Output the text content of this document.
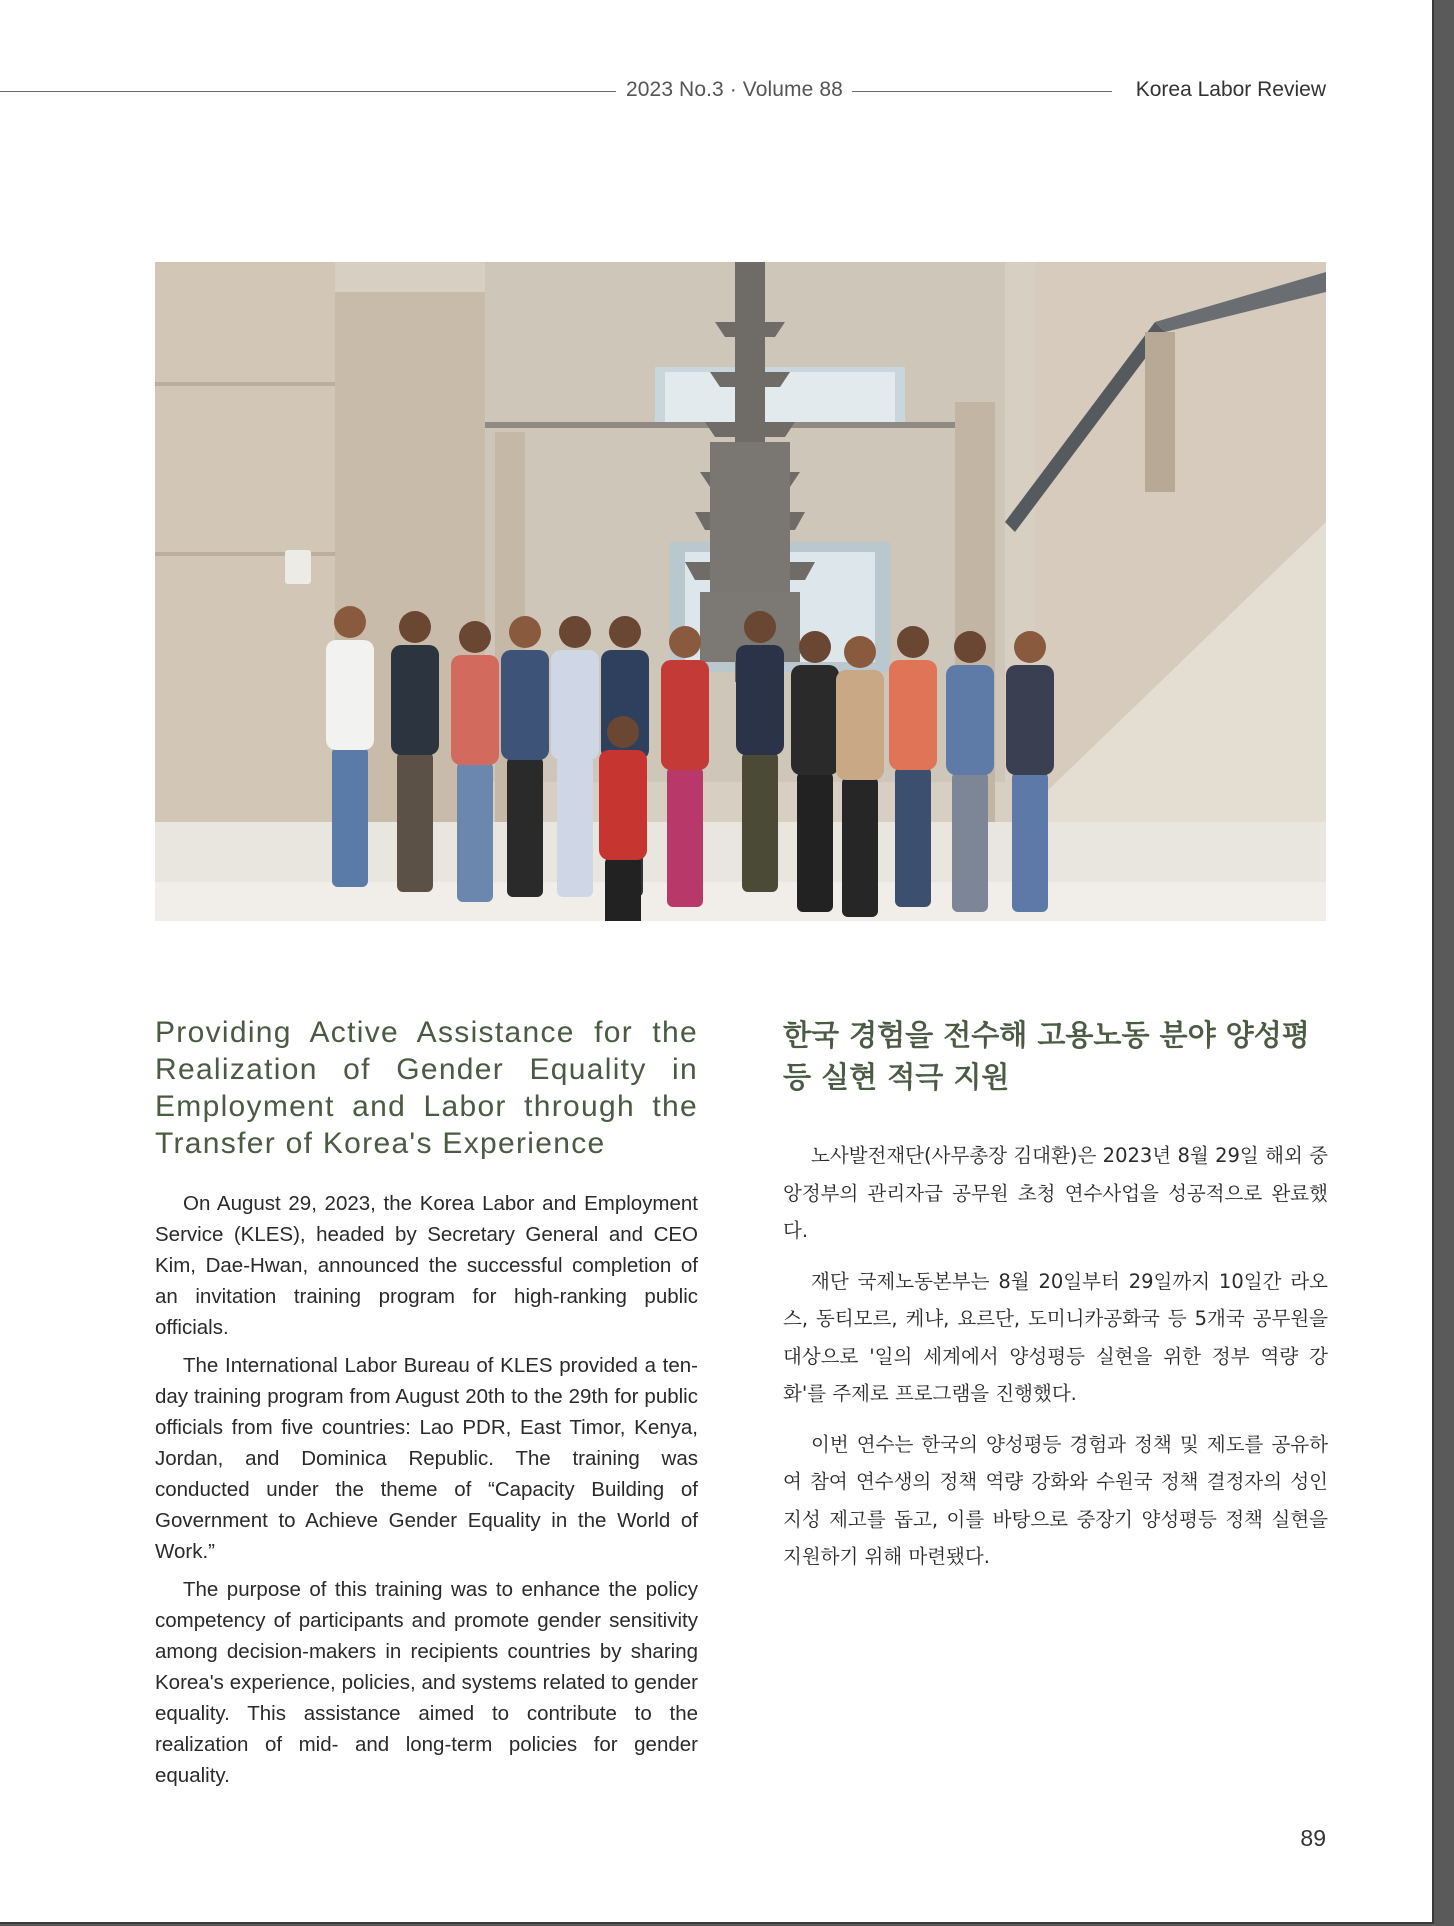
2023 No.3 · Volume 88	Korea Labor Review
Providing Active Assistance for the Realization of Gender Equality in Employment and Labor through the Transfer of Korea's Experience

On August 29, 2023, the Korea Labor and Employment Service (KLES), headed by Secretary General and CEO Kim, Dae-Hwan, announced the successful completion of an invitation training program for high-ranking public officials.

The International Labor Bureau of KLES provided a ten-day training program from August 20th to the 29th for public officials from five countries: Lao PDR, East Timor, Kenya, Jordan, and Dominica Republic. The training was conducted under the theme of “Capacity Building of Government to Achieve Gender Equality in the World of Work.”

The purpose of this training was to enhance the policy competency of participants and promote gender sensitivity among decision-makers in recipients countries by sharing Korea's experience, policies, and systems related to gender equality. This assistance aimed to contribute to the realization of mid- and long-term policies for gender equality.

한국 경험을 전수해 고용노동 분야 양성평등 실현 적극 지원

노사발전재단(사무총장 김대환)은 2023년 8월 29일 해외 중앙정부의 관리자급 공무원 초청 연수사업을 성공적으로 완료했다.

재단 국제노동본부는 8월 20일부터 29일까지 10일간 라오스, 동티모르, 케냐, 요르단, 도미니카공화국 등 5개국 공무원을 대상으로 '일의 세계에서 양성평등 실현을 위한 정부 역량 강화'를 주제로 프로그램을 진행했다.

이번 연수는 한국의 양성평등 경험과 정책 및 제도를 공유하여 참여 연수생의 정책 역량 강화와 수원국 정책 결정자의 성인지성 제고를 돕고, 이를 바탕으로 중장기 양성평등 정책 실현을 지원하기 위해 마련됐다.

89
